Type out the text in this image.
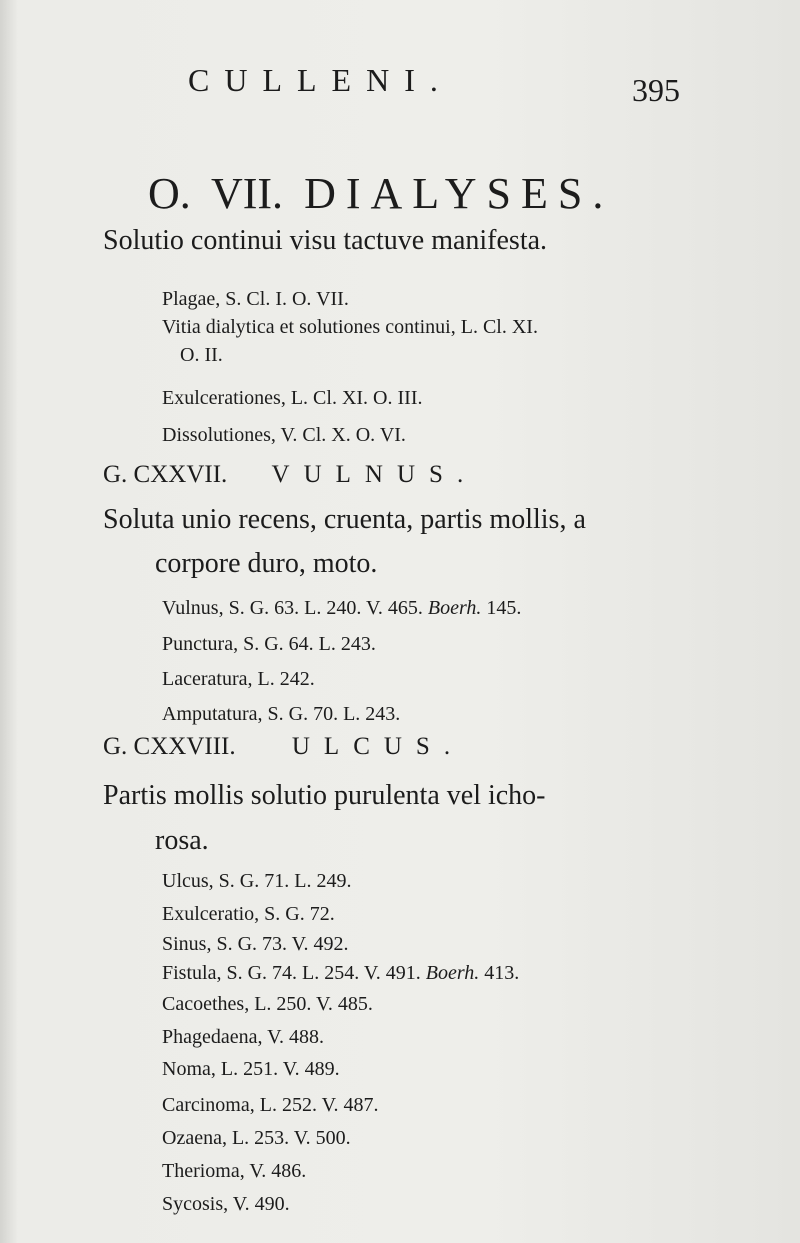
CULLENI.	395
O. VII. DIALYSES.
Solutio continui visu tactuve manifesta.
Plagae, S. Cl. I. O. VII.
Vitia dialytica et solutiones continui, L. Cl. XI.
O. II.
Exulcerationes, L. Cl. XI. O. III.
Dissolutiones, V. Cl. X. O. VI.
G. CXXVII. VULNUS.
Soluta unio recens, cruenta, partis mollis, a
corpore duro, moto.
Vulnus, S. G. 63. L. 240. V. 465. Boerh. 145.
Punctura, S. G. 64. L. 243.
Laceratura, L. 242.
Amputatura, S. G. 70. L. 243.
G. CXXVIII. ULCUS.
Partis mollis solutio purulenta vel icho-
rosa.
Ulcus, S. G. 71. L. 249.
Exulceratio, S. G. 72.
Sinus, S. G. 73. V. 492.
Fistula, S. G. 74. L. 254. V. 491. Boerh. 413.
Cacoethes, L. 250. V. 485.
Phagedaena, V. 488.
Noma, L. 251. V. 489.
Carcinoma, L. 252. V. 487.
Ozaena, L. 253. V. 500.
Therioma, V. 486.
Sycosis, V. 490.
